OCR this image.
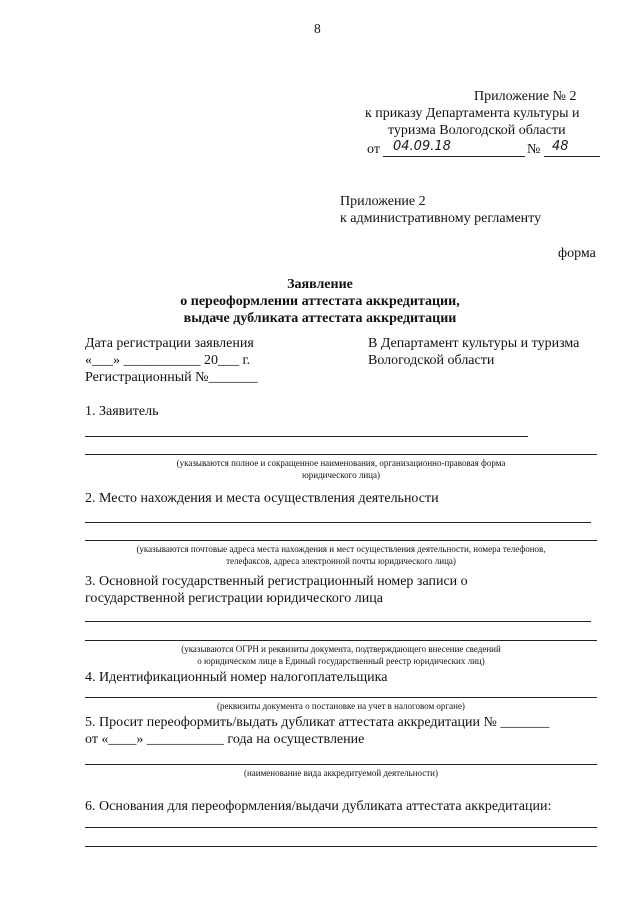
8
Приложение № 2
к приказу Департамента культуры и
туризма Вологодской области
от 04.09.18	№ 48
Приложение 2
к административному регламенту
форма
Заявление
о переоформлении аттестата аккредитации,
выдаче дубликата аттестата аккредитации
Дата регистрации заявления
«___» ___________ 20___ г.
Регистрационный №_______
В Департамент культуры и туризма
Вологодской области
1. Заявитель
(указываются полное и сокращенное наименования, организационно-правовая форма
юридического лица)
2. Место нахождения и места осуществления деятельности
(указываются почтовые адреса места нахождения и мест осуществления деятельности, номера телефонов,
телефаксов, адреса электронной почты юридического лица)
3. Основной государственный регистрационный номер записи о
государственной регистрации юридического лица
(указываются ОГРН и реквизиты документа, подтверждающего внесение сведений
о юридическом лице в Единый государственный реестр юридических лиц)
4. Идентификационный номер налогоплательщика
(реквизиты документа о постановке на учет в налоговом органе)
5. Просит переоформить/выдать дубликат аттестата аккредитации № _______
от «____» ___________ года на осуществление
(наименование вида аккредитуемой деятельности)
6. Основания для переоформления/выдачи дубликата аттестата аккредитации:
